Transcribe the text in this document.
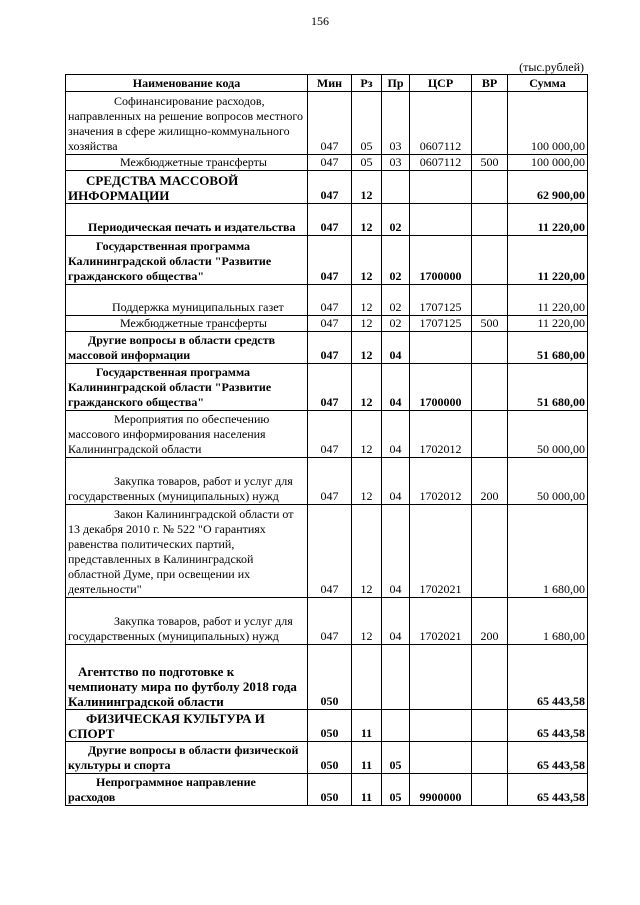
156
(тыс.рублей)
Наименование кода	Мин	Рз	Пр	ЦСР	ВР	Сумма
Софинансирование расходов, направленных на решение вопросов местного значения в сфере жилищно-коммунального хозяйства	047	05	03	0607112		100 000,00
Межбюджетные трансферты	047	05	03	0607112	500	100 000,00
СРЕДСТВА МАССОВОЙ ИНФОРМАЦИИ	047	12				62 900,00
Периодическая печать и издательства	047	12	02			11 220,00
Государственная программа Калининградской области "Развитие гражданского общества"	047	12	02	1700000		11 220,00
Поддержка муниципальных газет	047	12	02	1707125		11 220,00
Межбюджетные трансферты	047	12	02	1707125	500	11 220,00
Другие вопросы в области средств массовой информации	047	12	04			51 680,00
Государственная программа Калининградской области "Развитие гражданского общества"	047	12	04	1700000		51 680,00
Мероприятия по обеспечению массового информирования населения Калининградской области	047	12	04	1702012		50 000,00
Закупка товаров, работ и услуг для государственных (муниципальных) нужд	047	12	04	1702012	200	50 000,00
Закон Калининградской области от 13 декабря 2010 г. № 522 "О гарантиях равенства политических партий, представленных в Калининградской областной Думе, при освещении их деятельности"	047	12	04	1702021		1 680,00
Закупка товаров, работ и услуг для государственных (муниципальных) нужд	047	12	04	1702021	200	1 680,00
Агентство по подготовке к чемпионату мира по футболу 2018 года Калининградской области	050					65 443,58
ФИЗИЧЕСКАЯ КУЛЬТУРА И СПОРТ	050	11				65 443,58
Другие вопросы в области физической культуры и спорта	050	11	05			65 443,58
Непрограммное направление расходов	050	11	05	9900000		65 443,58
